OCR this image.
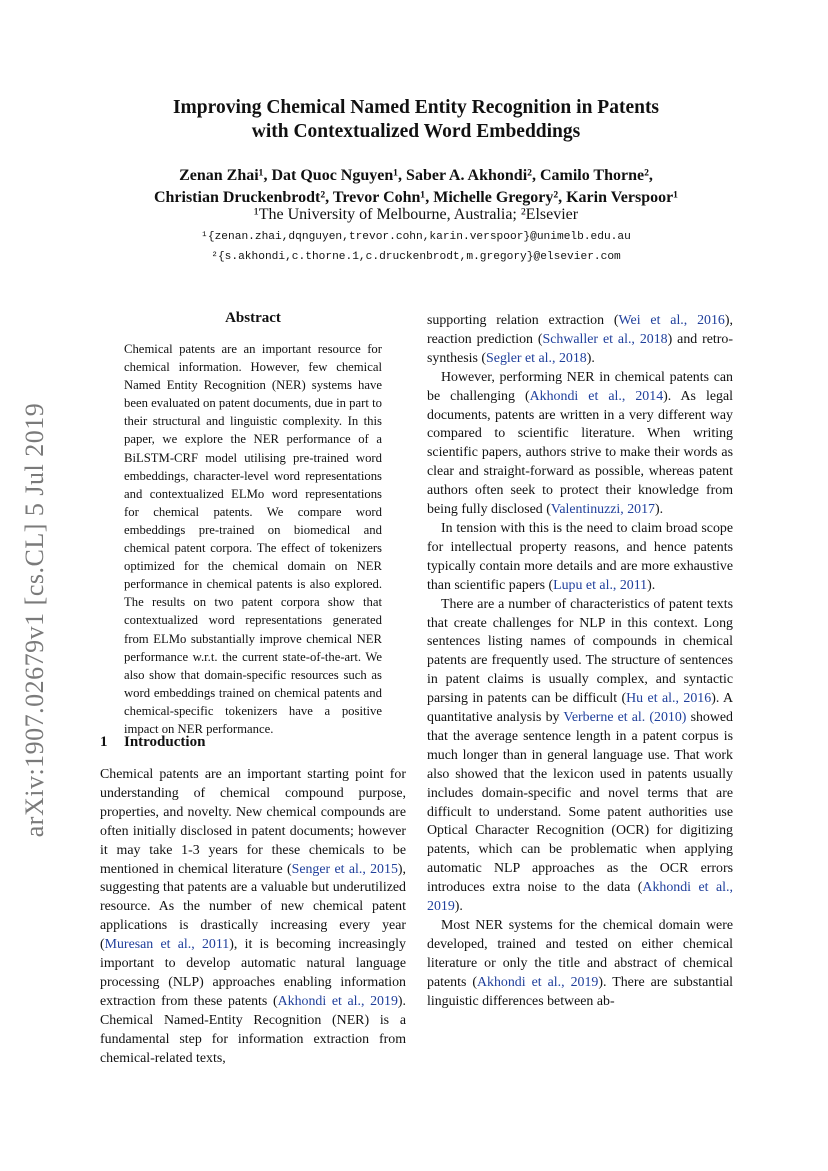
arXiv:1907.02679v1 [cs.CL] 5 Jul 2019
Improving Chemical Named Entity Recognition in Patents
with Contextualized Word Embeddings
Zenan Zhai¹, Dat Quoc Nguyen¹, Saber A. Akhondi², Camilo Thorne²,
Christian Druckenbrodt², Trevor Cohn¹, Michelle Gregory², Karin Verspoor¹
¹The University of Melbourne, Australia; ²Elsevier
¹{zenan.zhai,dqnguyen,trevor.cohn,karin.verspoor}@unimelb.edu.au
²{s.akhondi,c.thorne.1,c.druckenbrodt,m.gregory}@elsevier.com
Abstract

Chemical patents are an important resource for chemical information. However, few chemical Named Entity Recognition (NER) systems have been evaluated on patent documents, due in part to their structural and linguistic complexity. In this paper, we explore the NER performance of a BiLSTM-CRF model utilising pre-trained word embeddings, character-level word representations and contextualized ELMo word representations for chemical patents. We compare word embeddings pre-trained on biomedical and chemical patent corpora. The effect of tokenizers optimized for the chemical domain on NER performance in chemical patents is also explored. The results on two patent corpora show that contextualized word representations generated from ELMo substantially improve chemical NER performance w.r.t. the current state-of-the-art. We also show that domain-specific resources such as word embeddings trained on chemical patents and chemical-specific tokenizers have a positive impact on NER performance.

1 Introduction

Chemical patents are an important starting point for understanding of chemical compound purpose, properties, and novelty. New chemical compounds are often initially disclosed in patent documents; however it may take 1-3 years for these chemicals to be mentioned in chemical literature (Senger et al., 2015), suggesting that patents are a valuable but underutilized resource. As the number of new chemical patent applications is drastically increasing every year (Muresan et al., 2011), it is becoming increasingly important to develop automatic natural language processing (NLP) approaches enabling information extraction from these patents (Akhondi et al., 2019). Chemical Named-Entity Recognition (NER) is a fundamental step for information extraction from chemical-related texts,

supporting relation extraction (Wei et al., 2016), reaction prediction (Schwaller et al., 2018) and retro-synthesis (Segler et al., 2018).

However, performing NER in chemical patents can be challenging (Akhondi et al., 2014). As legal documents, patents are written in a very different way compared to scientific literature. When writing scientific papers, authors strive to make their words as clear and straight-forward as possible, whereas patent authors often seek to protect their knowledge from being fully disclosed (Valentinuzzi, 2017).

In tension with this is the need to claim broad scope for intellectual property reasons, and hence patents typically contain more details and are more exhaustive than scientific papers (Lupu et al., 2011).

There are a number of characteristics of patent texts that create challenges for NLP in this context. Long sentences listing names of compounds in chemical patents are frequently used. The structure of sentences in patent claims is usually complex, and syntactic parsing in patents can be difficult (Hu et al., 2016). A quantitative analysis by Verberne et al. (2010) showed that the average sentence length in a patent corpus is much longer than in general language use. That work also showed that the lexicon used in patents usually includes domain-specific and novel terms that are difficult to understand. Some patent authorities use Optical Character Recognition (OCR) for digitizing patents, which can be problematic when applying automatic NLP approaches as the OCR errors introduces extra noise to the data (Akhondi et al., 2019).

Most NER systems for the chemical domain were developed, trained and tested on either chemical literature or only the title and abstract of chemical patents (Akhondi et al., 2019). There are substantial linguistic differences between ab-
